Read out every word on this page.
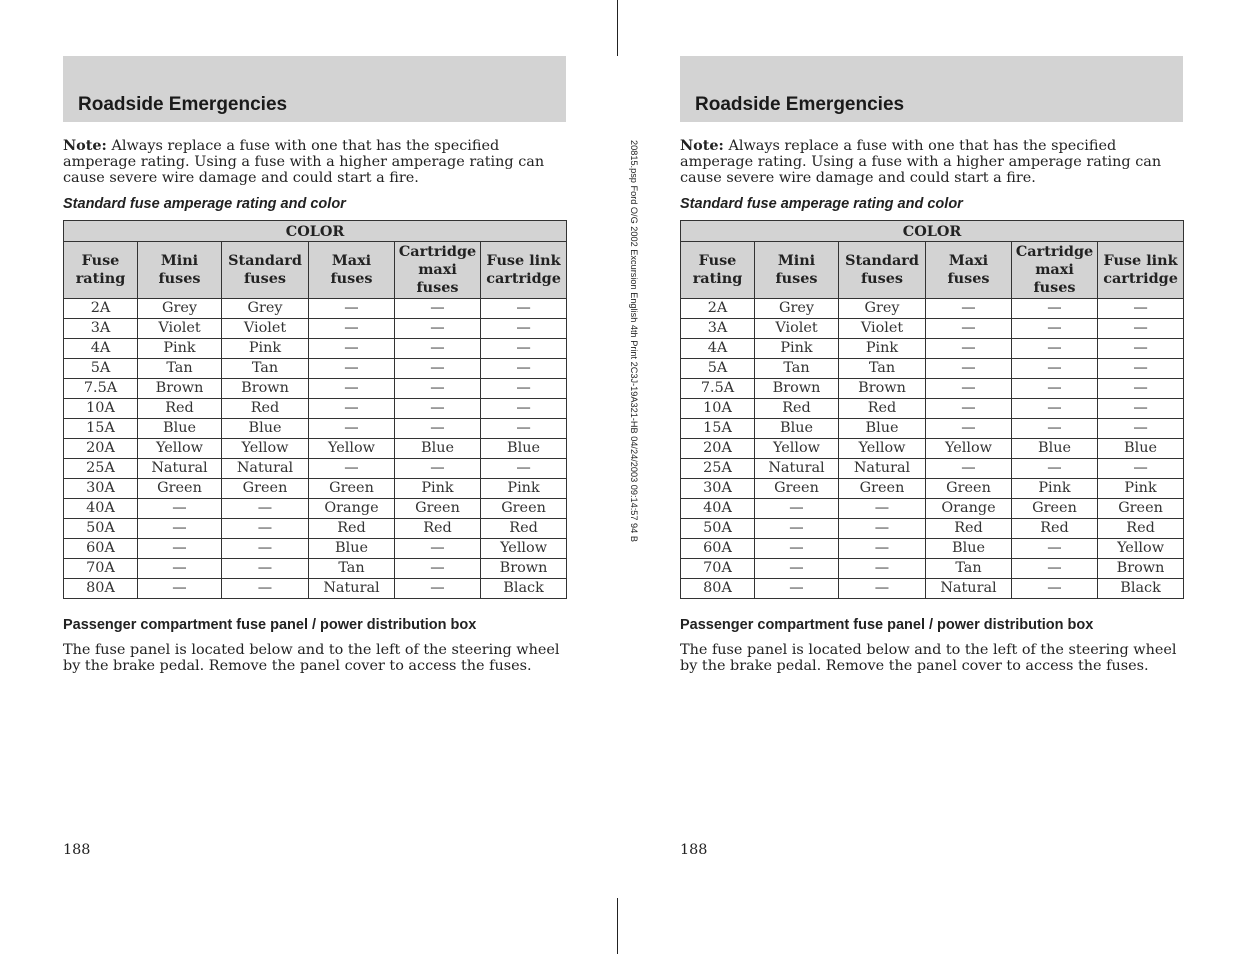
Roadside Emergencies
Note: Always replace a fuse with one that has the specified amperage rating. Using a fuse with a higher amperage rating can cause severe wire damage and could start a fire.
Standard fuse amperage rating and color
COLOR					
Fuse rating	Mini fuses	Standard fuses	Maxi fuses	Cartridge maxi fuses	Fuse link cartridge
2A	Grey	Grey	—	—	—
3A	Violet	Violet	—	—	—
4A	Pink	Pink	—	—	—
5A	Tan	Tan	—	—	—
7.5A	Brown	Brown	—	—	—
10A	Red	Red	—	—	—
15A	Blue	Blue	—	—	—
20A	Yellow	Yellow	Yellow	Blue	Blue
25A	Natural	Natural	—	—	—
30A	Green	Green	Green	Pink	Pink
40A	—	—	Orange	Green	Green
50A	—	—	Red	Red	Red
60A	—	—	Blue	—	Yellow
70A	—	—	Tan	—	Brown
80A	—	—	Natural	—	Black
Passenger compartment fuse panel / power distribution box
The fuse panel is located below and to the left of the steering wheel by the brake pedal. Remove the panel cover to access the fuses.
188
20815.psp Ford O/G 2002 Excursion English 4th Print 2C3J-19A321-HB 04/24/2003 09:14:57 94 B
Roadside Emergencies
Note: Always replace a fuse with one that has the specified amperage rating. Using a fuse with a higher amperage rating can cause severe wire damage and could start a fire.
Standard fuse amperage rating and color
COLOR					
Fuse rating	Mini fuses	Standard fuses	Maxi fuses	Cartridge maxi fuses	Fuse link cartridge
2A	Grey	Grey	—	—	—
3A	Violet	Violet	—	—	—
4A	Pink	Pink	—	—	—
5A	Tan	Tan	—	—	—
7.5A	Brown	Brown	—	—	—
10A	Red	Red	—	—	—
15A	Blue	Blue	—	—	—
20A	Yellow	Yellow	Yellow	Blue	Blue
25A	Natural	Natural	—	—	—
30A	Green	Green	Green	Pink	Pink
40A	—	—	Orange	Green	Green
50A	—	—	Red	Red	Red
60A	—	—	Blue	—	Yellow
70A	—	—	Tan	—	Brown
80A	—	—	Natural	—	Black
Passenger compartment fuse panel / power distribution box
The fuse panel is located below and to the left of the steering wheel by the brake pedal. Remove the panel cover to access the fuses.
188
